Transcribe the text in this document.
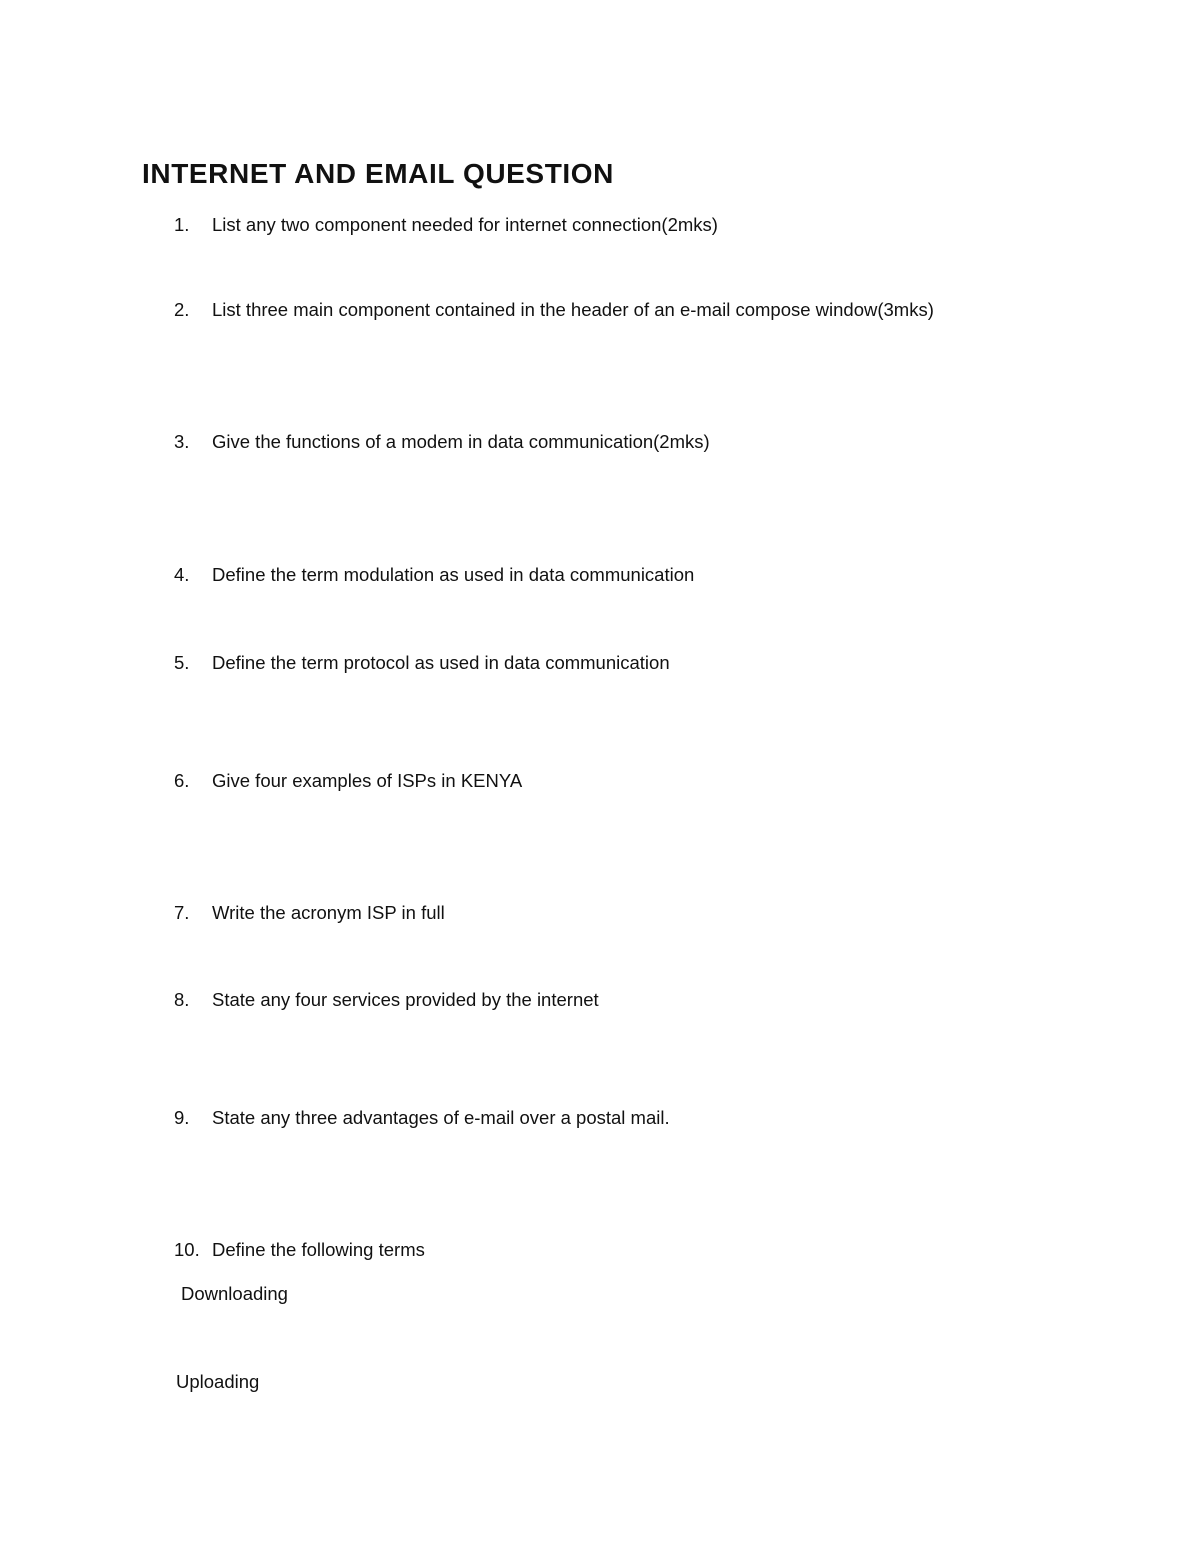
INTERNET AND EMAIL QUESTION
1. List any two component needed for internet connection(2mks)
2. List three main component contained in the header of an e-mail compose window(3mks)
3. Give the functions of a modem in data communication(2mks)
4. Define the term modulation as used in data communication
5. Define the term protocol as used in data communication
6. Give four examples of ISPs in KENYA
7. Write the acronym ISP in full
8. State any four services provided by the internet
9. State any three advantages of e-mail over a postal mail.
10. Define the following terms
Downloading
Uploading
